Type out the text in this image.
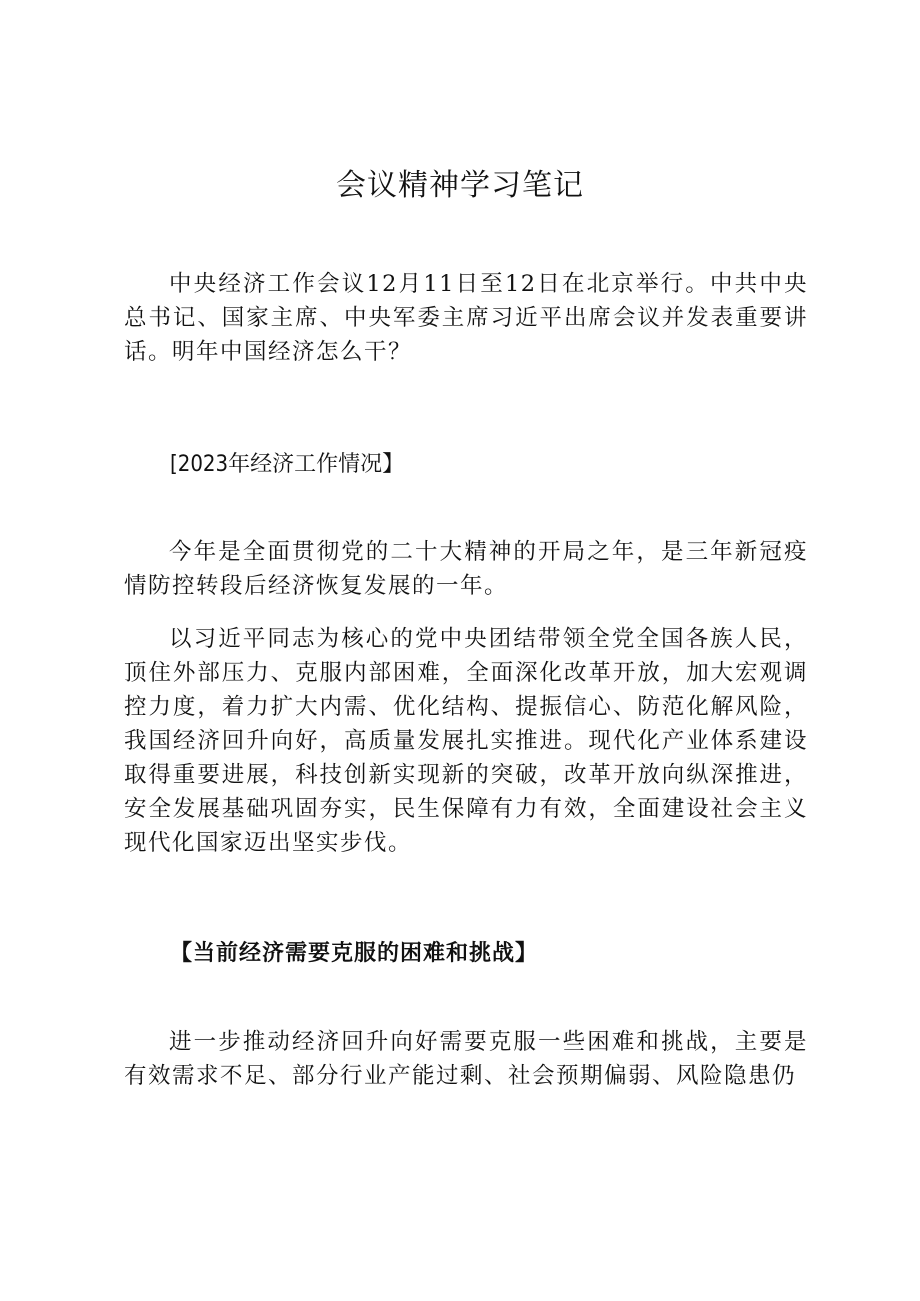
会议精神学习笔记

中央经济工作会议12月11日至12日在北京举行。中共中央总书记、国家主席、中央军委主席习近平出席会议并发表重要讲话。明年中国经济怎么干？

[2023年经济工作情况】

今年是全面贯彻党的二十大精神的开局之年，是三年新冠疫情防控转段后经济恢复发展的一年。

以习近平同志为核心的党中央团结带领全党全国各族人民，顶住外部压力、克服内部困难，全面深化改革开放，加大宏观调控力度，着力扩大内需、优化结构、提振信心、防范化解风险，我国经济回升向好，高质量发展扎实推进。现代化产业体系建设取得重要进展，科技创新实现新的突破，改革开放向纵深推进，安全发展基础巩固夯实，民生保障有力有效，全面建设社会主义现代化国家迈出坚实步伐。

【当前经济需要克服的困难和挑战】

进一步推动经济回升向好需要克服一些困难和挑战，主要是有效需求不足、部分行业产能过剩、社会预期偏弱、风险隐患仍
